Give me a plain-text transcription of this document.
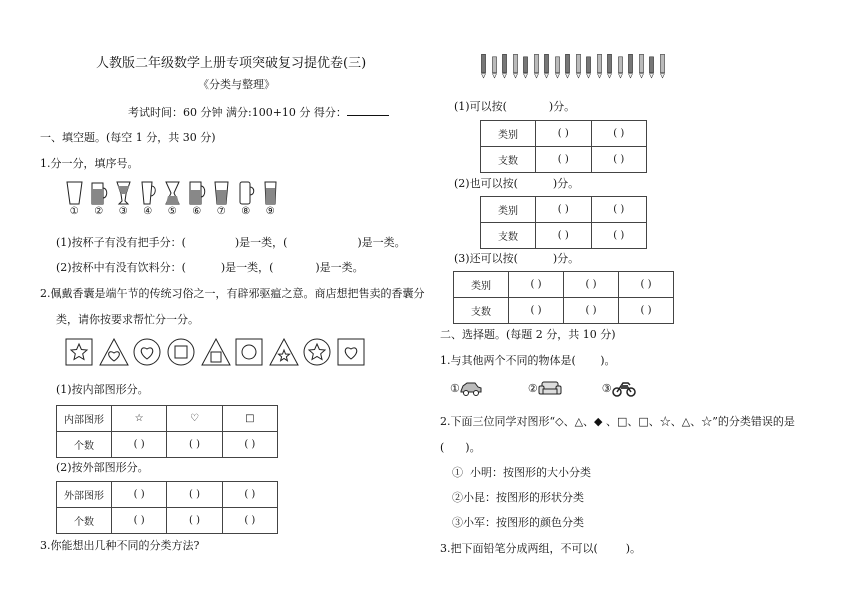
人教版二年级数学上册专项突破复习提优卷(三)
《分类与整理》
考试时间：60 分钟 满分:100+10 分 得分：
一、填空题。(每空 1 分，共 30 分)
1.分一分，填序号。
①	②	③	④	⑤	⑥	⑦	⑧	⑨
(1)按杯子有没有把手分：(              )是一类，(                    )是一类。
(2)按杯中有没有饮料分：(          )是一类，(            )是一类。
2.佩戴香囊是端午节的传统习俗之一，有辟邪驱瘟之意。商店想把售卖的香囊分
类，请你按要求帮忙分一分。
(1)按内部图形分。
内部图形	☆	♡	□
个数	( )	( )	( )
(2)按外部图形分。
外部图形	( )	( )	( )
个数	( )	( )	( )
3.你能想出几种不同的分类方法?
(1)可以按(            )分。
类别	( )	( )
支数	( )	( )
(2)也可以按(          )分。
类别	( )	( )
支数	( )	( )
(3)还可以按(          )分。
类别	( )	( )	( )
支数	( )	( )	( )
二、选择题。(每题 2 分，共 10 分)
1.与其他两个不同的物体是(       )。
①	②	③
2.下面三位同学对图形“◇、△、◆ 、□、□、☆、△、☆”的分类错误的是
(      )。
①  小明：按图形的大小分类
②小昆：按图形的形状分类
③小军：按图形的颜色分类
3.把下面铅笔分成两组，不可以(        )。
